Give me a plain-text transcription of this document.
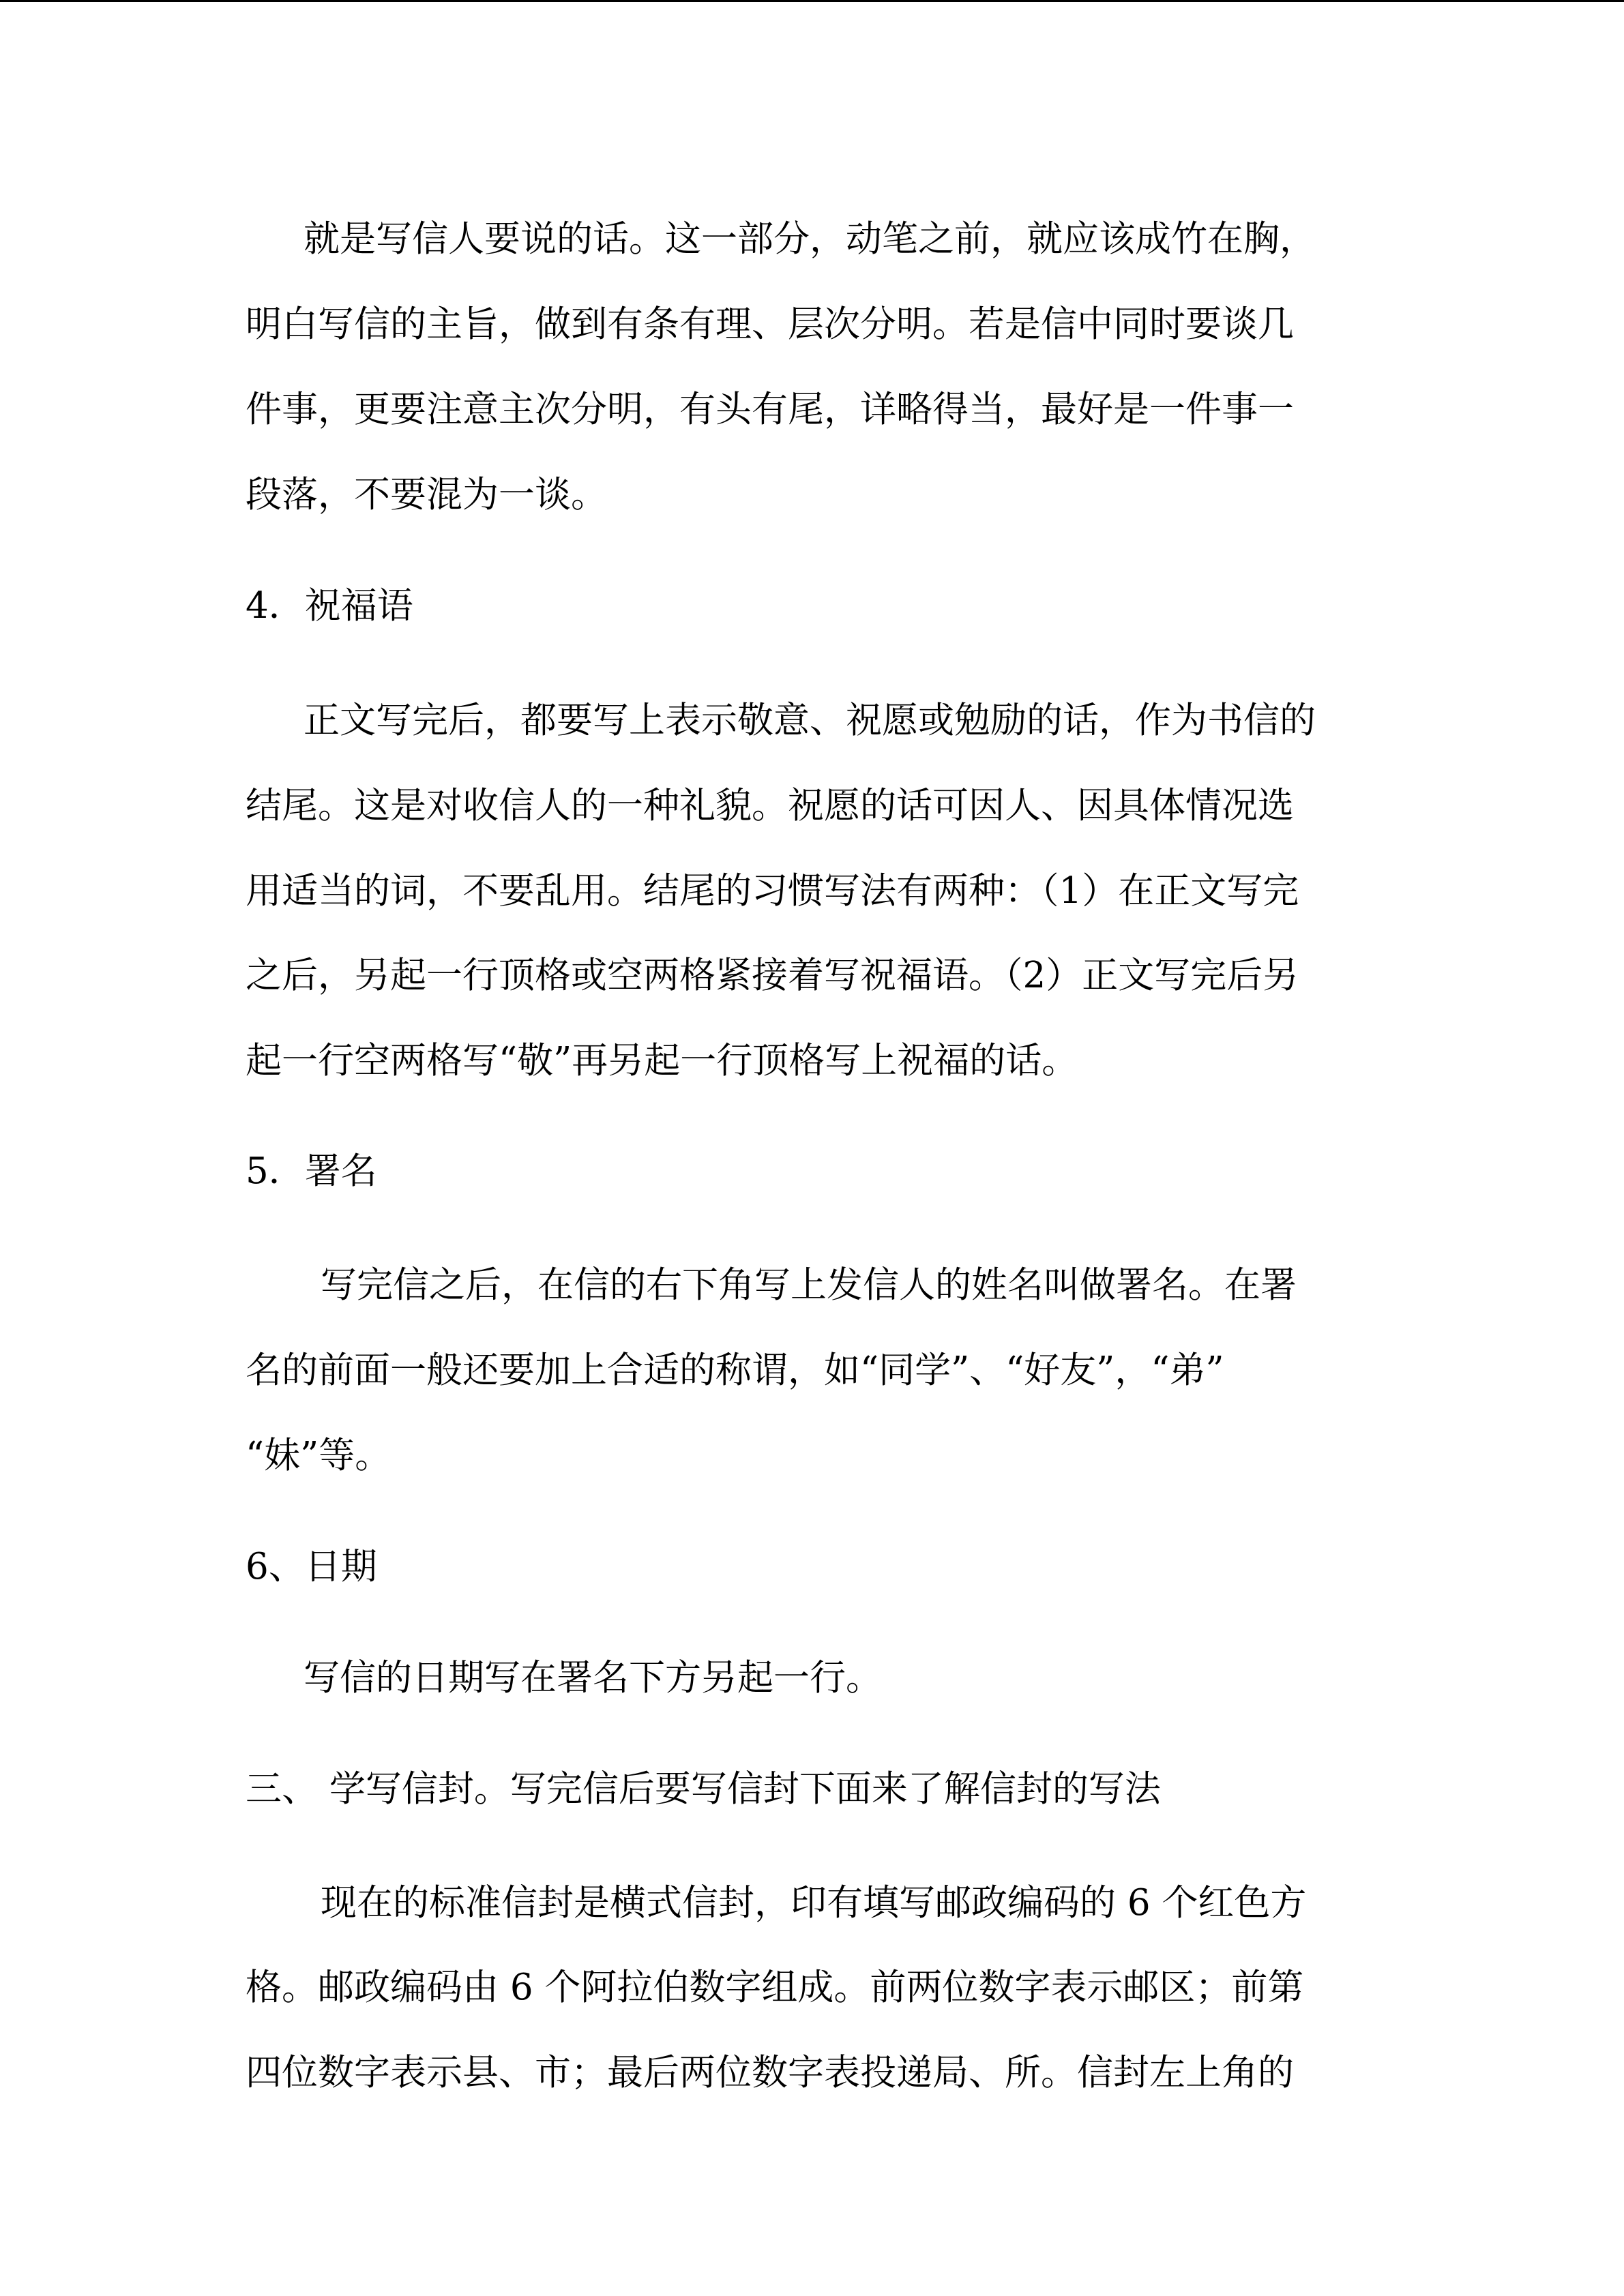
就是写信人要说的话。这一部分，动笔之前，就应该成竹在胸，
明白写信的主旨，做到有条有理、层次分明。若是信中同时要谈几
件事，更要注意主次分明，有头有尾，详略得当，最好是一件事一
段落，不要混为一谈。
4．祝福语
正文写完后，都要写上表示敬意、祝愿或勉励的话，作为书信的
结尾。这是对收信人的一种礼貌。祝愿的话可因人、因具体情况选
用适当的词，不要乱用。结尾的习惯写法有两种：（1）在正文写完
之后，另起一行顶格或空两格紧接着写祝福语。（2）正文写完后另
起一行空两格写“敬”再另起一行顶格写上祝福的话。
5．署名
写完信之后，在信的右下角写上发信人的姓名叫做署名。在署
名的前面一般还要加上合适的称谓，如“同学”、“好友”，“弟”
“妹”等。
6、日期
写信的日期写在署名下方另起一行。
三、 学写信封。写完信后要写信封下面来了解信封的写法
现在的标准信封是横式信封，印有填写邮政编码的 6 个红色方
格。邮政编码由 6 个阿拉伯数字组成。前两位数字表示邮区；前第
四位数字表示县、市；最后两位数字表投递局、所。信封左上角的
